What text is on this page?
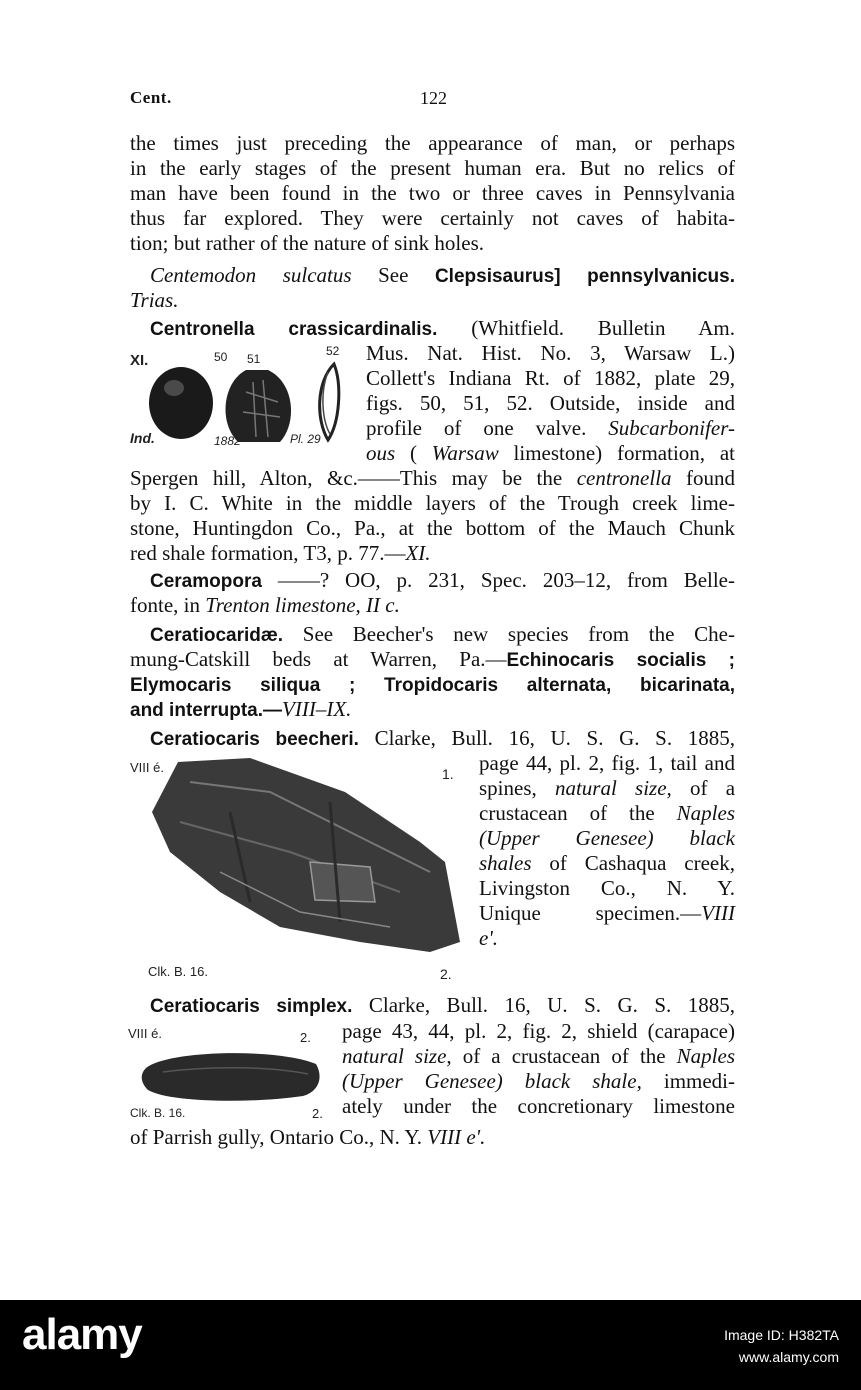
Cent.	122
the times just preceding the appearance of man, or perhaps
in the early stages of the present human era. But no relics of
man have been found in the two or three caves in Pennsylvania
thus far explored. They were certainly not caves of habita-
tion; but rather of the nature of sink holes.
Centemodon sulcatus See Clepsisaurus] pennsylvanicus.
Trias.
Centronella crassicardinalis. (Whitfield. Bulletin Am.
XI.	50 51
52
Ind.	1882	Pl. 29
Mus. Nat. Hist. No. 3, Warsaw L.)
Collett's Indiana Rt. of 1882, plate 29,
figs. 50, 51, 52. Outside, inside and
profile of one valve. Subcarbonifer-
ous ( Warsaw limestone) formation, at
Spergen hill, Alton, &c.——This may be the centronella found
by I. C. White in the middle layers of the Trough creek lime-
stone, Huntingdon Co., Pa., at the bottom of the Mauch Chunk
red shale formation, T3, p. 77.—XI.
Ceramopora ——? OO, p. 231, Spec. 203–12, from Belle-
fonte, in Trenton limestone, II c.
Ceratiocaridæ. See Beecher's new species from the Che-
mung-Catskill beds at Warren, Pa.—Echinocaris socialis ;
Elymocaris siliqua ; Tropidocaris alternata, bicarinata,
and interrupta.—VIII–IX.
Ceratiocaris beecheri. Clarke, Bull. 16, U. S. G. S. 1885,
VIII é.	1.
Clk. B. 16.	2.
page 44, pl. 2, fig. 1, tail and
spines, natural size, of a
crustacean of the Naples
(Upper Genesee) black
shales of Cashaqua creek,
Livingston Co., N. Y.
Unique specimen.—VIII
e'.
Ceratiocaris simplex. Clarke, Bull. 16, U. S. G. S. 1885,
VIII é.	2.
Clk. B. 16.	2.
page 43, 44, pl. 2, fig. 2, shield (carapace)
natural size, of a crustacean of the Naples
(Upper Genesee) black shale, immedi-
ately under the concretionary limestone
of Parrish gully, Ontario Co., N. Y. VIII e'.
alamy	Image ID: H382TA
www.alamy.com
